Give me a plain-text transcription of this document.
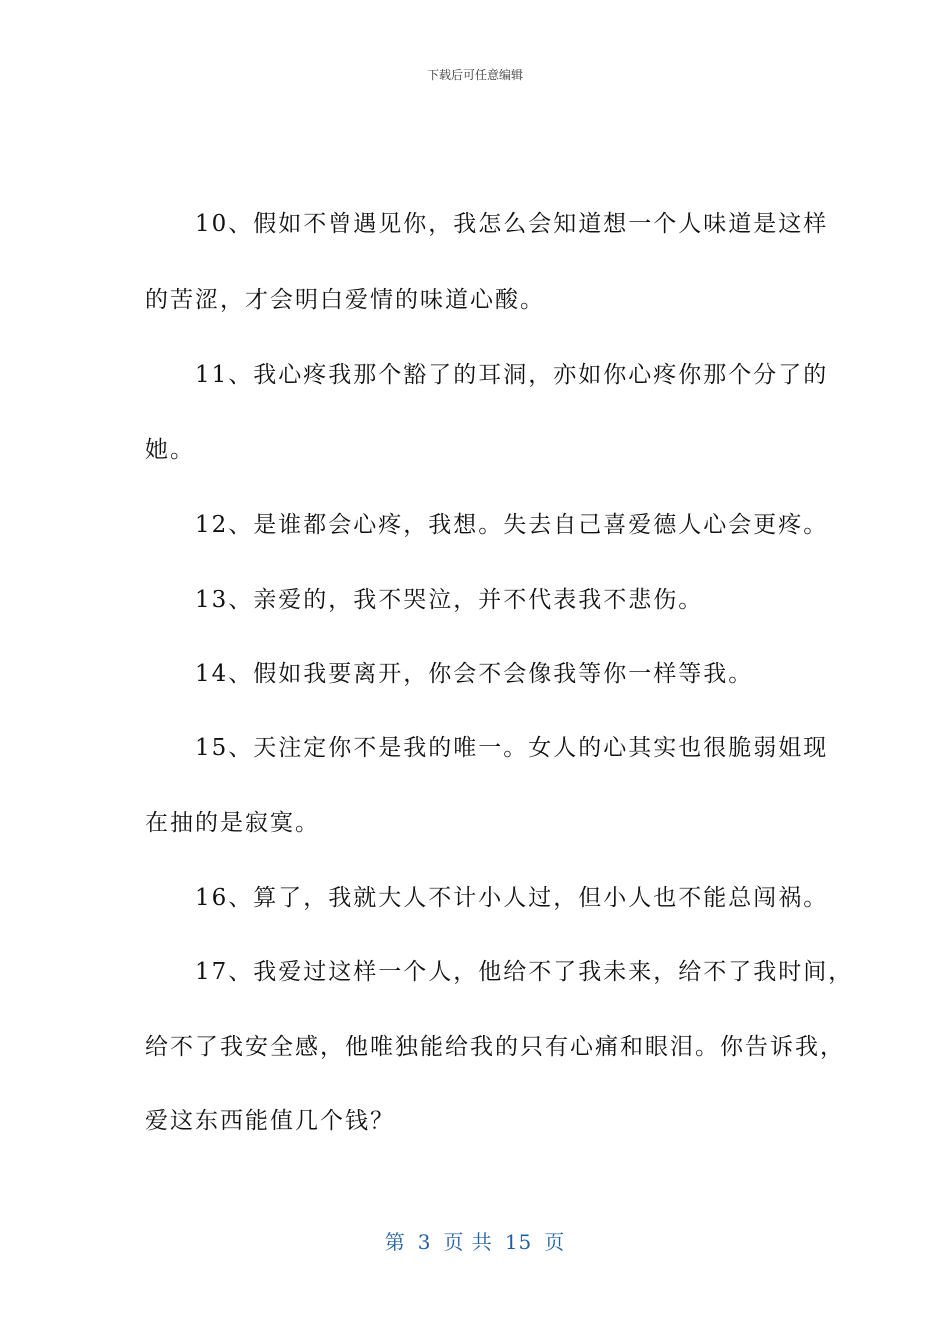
下载后可任意编辑
　　10、假如不曾遇见你，我怎么会知道想一个人味道是这样
的苦涩，才会明白爱情的味道心酸。
　　11、我心疼我那个豁了的耳洞，亦如你心疼你那个分了的
她。
　　12、是谁都会心疼，我想。失去自己喜爱德人心会更疼。
　　13、亲爱的，我不哭泣，并不代表我不悲伤。
　　14、假如我要离开，你会不会像我等你一样等我。
　　15、天注定你不是我的唯一。女人的心其实也很脆弱姐现
在抽的是寂寞。
　　16、算了，我就大人不计小人过，但小人也不能总闯祸。
　　17、我爱过这样一个人，他给不了我未来，给不了我时间，
给不了我安全感，他唯独能给我的只有心痛和眼泪。你告诉我，
爱这东西能值几个钱？
第 3 页 共 15 页
